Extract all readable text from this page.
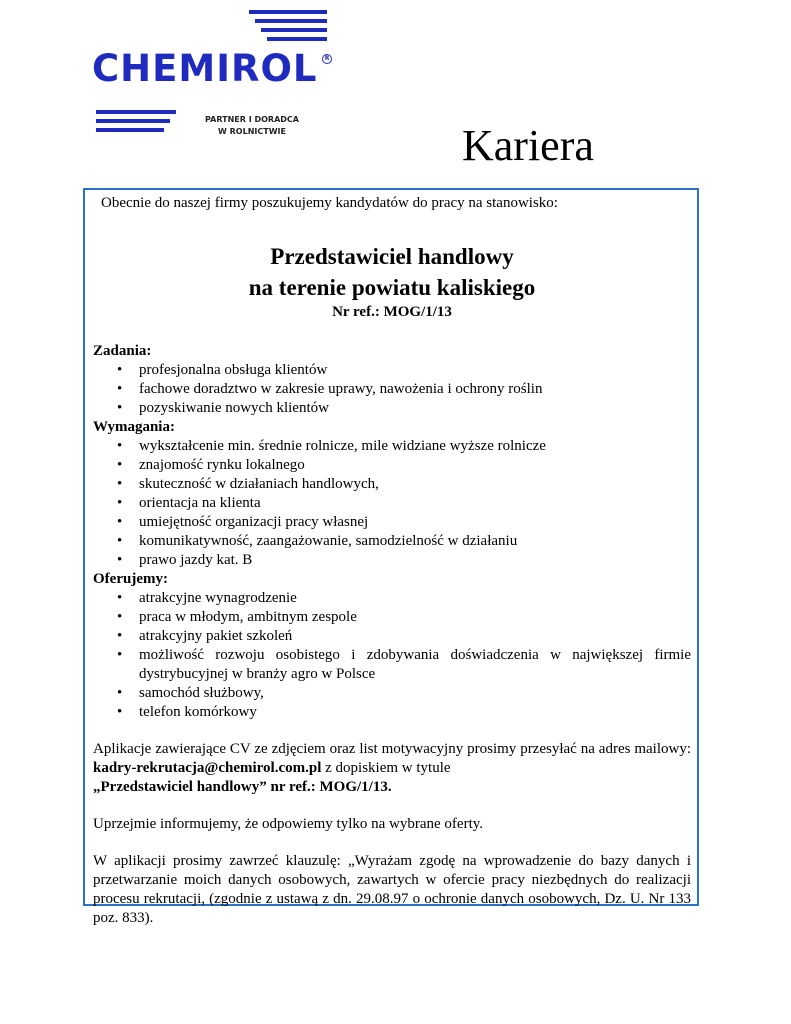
CHEMIROL	R
PARTNER I DORADCA
W ROLNICTWIE	Kariera

Obecnie do naszej firmy poszukujemy kandydatów do pracy na stanowisko:

Przedstawiciel handlowy
na terenie powiatu kaliskiego

Nr ref.: MOG/1/13

Zadania:

• profesjonalna obsługa klientów
• fachowe doradztwo w zakresie uprawy, nawożenia i ochrony roślin
• pozyskiwanie nowych klientów

Wymagania:

• wykształcenie min. średnie rolnicze, mile widziane wyższe rolnicze
• znajomość rynku lokalnego
• skuteczność w działaniach handlowych,
• orientacja na klienta
• umiejętność organizacji pracy własnej
• komunikatywność, zaangażowanie, samodzielność w działaniu
• prawo jazdy kat. B

Oferujemy:

• atrakcyjne wynagrodzenie
• praca w młodym, ambitnym zespole
• atrakcyjny pakiet szkoleń
• możliwość rozwoju osobistego i zdobywania doświadczenia w największej firmie dystrybucyjnej w branży agro w Polsce
• samochód służbowy,
• telefon komórkowy

Aplikacje zawierające CV ze zdjęciem oraz list motywacyjny prosimy przesyłać na adres mailowy: kadry-rekrutacja@chemirol.com.pl z dopiskiem w tytule

„Przedstawiciel handlowy” nr ref.: MOG/1/13.

Uprzejmie informujemy, że odpowiemy tylko na wybrane oferty.

W aplikacji prosimy zawrzeć klauzulę: „Wyrażam zgodę na wprowadzenie do bazy danych i przetwarzanie moich danych osobowych, zawartych w ofercie pracy niezbędnych do realizacji procesu rekrutacji, (zgodnie z ustawą z dn. 29.08.97 o ochronie danych osobowych, Dz. U. Nr 133 poz. 833).
